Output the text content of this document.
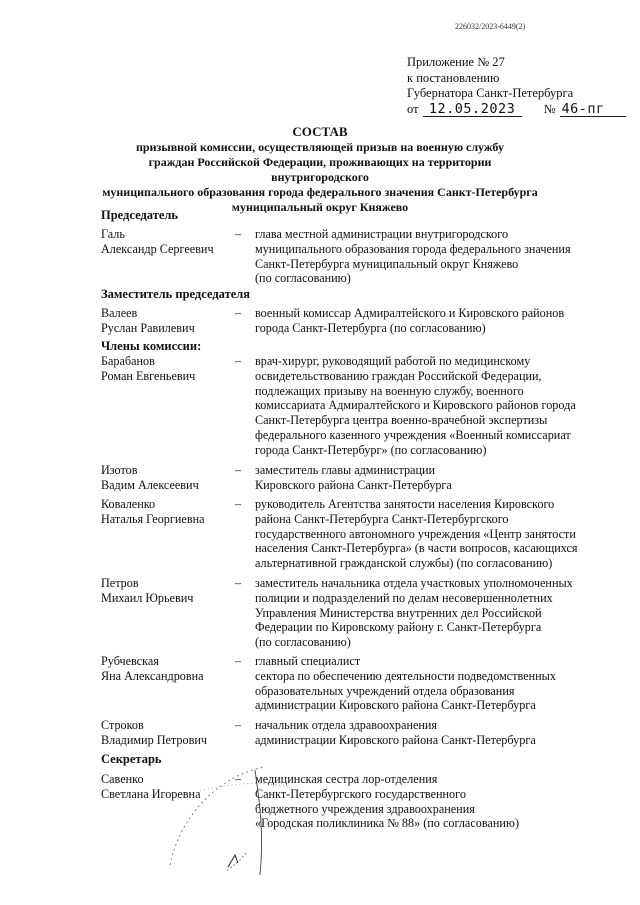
226032/2023-6449(2)
Приложение № 27
к постановлению
Губернатора Санкт-Петербурга
от 12.05.2023	№ 46-пг
СОСТАВ
призывной комиссии, осуществляющей призыв на военную службу
граждан Российской Федерации, проживающих на территории внутригородского
муниципального образования города федерального значения Санкт-Петербурга
муниципальный округ Княжево
Председатель
Галь
Александр Сергеевич
– глава местной администрации внутригородского
муниципального образования города федерального значения
Санкт-Петербурга муниципальный округ Княжево
(по согласованию)
Заместитель председателя
Валеев
Руслан Равилевич
– военный комиссар Адмиралтейского и Кировского районов
города Санкт-Петербурга (по согласованию)
Члены комиссии:
Барабанов
Роман Евгеньевич
– врач-хирург, руководящий работой по медицинскому
освидетельствованию граждан Российской Федерации,
подлежащих призыву на военную службу, военного
комиссариата Адмиралтейского и Кировского районов города
Санкт-Петербурга центра военно-врачебной экспертизы
федерального казенного учреждения «Военный комиссариат
города Санкт-Петербург» (по согласованию)
Изотов
Вадим Алексеевич
– заместитель главы администрации
Кировского района Санкт-Петербурга
Коваленко
Наталья Георгиевна
– руководитель Агентства занятости населения Кировского
района Санкт-Петербурга Санкт-Петербургского
государственного автономного учреждения «Центр занятости
населения Санкт-Петербурга» (в части вопросов, касающихся
альтернативной гражданской службы) (по согласованию)
Петров
Михаил Юрьевич
– заместитель начальника отдела участковых уполномоченных
полиции и подразделений по делам несовершеннолетних
Управления Министерства внутренних дел Российской
Федерации по Кировскому району г. Санкт-Петербурга
(по согласованию)
Рубчевская
Яна Александровна
– главный специалист
сектора по обеспечению деятельности подведомственных
образовательных учреждений отдела образования
администрации Кировского района Санкт-Петербурга
Строков
Владимир Петрович
– начальник отдела здравоохранения
администрации Кировского района Санкт-Петербурга
Секретарь
Савенко
Светлана Игоревна
– медицинская сестра лор-отделения
Санкт-Петербургского государственного
бюджетного учреждения здравоохранения
«Городская поликлиника № 88» (по согласованию)
